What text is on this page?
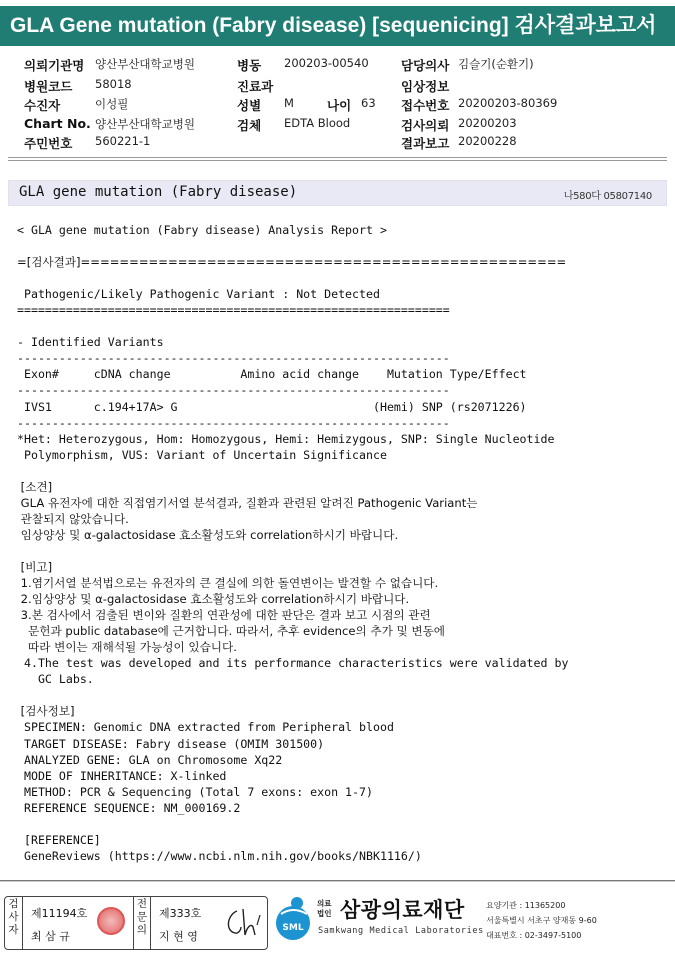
GLA Gene mutation (Fabry disease) [sequenicing] 검사결과보고서
의뢰기관명 양산부산대학교병원
병원코드 58018
수진자	이성필
Chart No. 양산부산대학교병원
주민번호 560221-1
병동 200203-00540
진료과
성별 M	나이 63
검체 EDTA Blood
담당의사 김슬기(순환기)
임상정보
접수번호 20200203-80369
검사의뢰 20200203
결과보고 20200228
GLA gene mutation (Fabry disease)	나580다 05807140
< GLA gene mutation (Fabry disease) Analysis Report >
=[검사결과]==================================================
Pathogenic/Likely Pathogenic Variant : Not Detected
==============================================================
- Identified Variants
--------------------------------------------------------------
Exon#     cDNA change          Amino acid change    Mutation Type/Effect
--------------------------------------------------------------
IVS1      c.194+17A> G                            (Hemi) SNP (rs2071226)
--------------------------------------------------------------
*Het: Heterozygous, Hom: Homozygous, Hemi: Hemizygous, SNP: Single Nucleotide
Polymorphism, VUS: Variant of Uncertain Significance
[소견]
GLA 유전자에 대한 직접염기서열 분석결과, 질환과 관련된 알려진 Pathogenic Variant는
관찰되지 않았습니다.
임상양상 및 α-galactosidase 효소활성도와 correlation하시기 바랍니다.
[비고]
1.염기서열 분석법으로는 유전자의 큰 결실에 의한 돌연변이는 발견할 수 없습니다.
2.임상양상 및 α-galactosidase 효소활성도와 correlation하시기 바랍니다.
3.본 검사에서 검출된 변이와 질환의 연관성에 대한 판단은 결과 보고 시점의 관련
문헌과 public database에 근거합니다. 따라서, 추후 evidence의 추가 및 변동에
따라 변이는 재해석될 가능성이 있습니다.
4.The test was developed and its performance characteristics were validated by
GC Labs.
[검사정보]
SPECIMEN: Genomic DNA extracted from Peripheral blood
TARGET DISEASE: Fabry disease (OMIM 301500)
ANALYZED GENE: GLA on Chromosome Xq22
MODE OF INHERITANCE: X-linked
METHOD: PCR & Sequencing (Total 7 exons: exon 1-7)
REFERENCE SEQUENCE: NM_000169.2
[REFERENCE]
GeneReviews (https://www.ncbi.nlm.nih.gov/books/NBK1116/)
검
사
자
제11194호
최 삼 규
전
문
의
제333호
지 현 영
SML
의료
법인 삼광의료재단
Samkwang Medical Laboratories
요양기관 : 11365200
서울특별시 서초구 양재동 9-60
대표번호 : 02-3497-5100
